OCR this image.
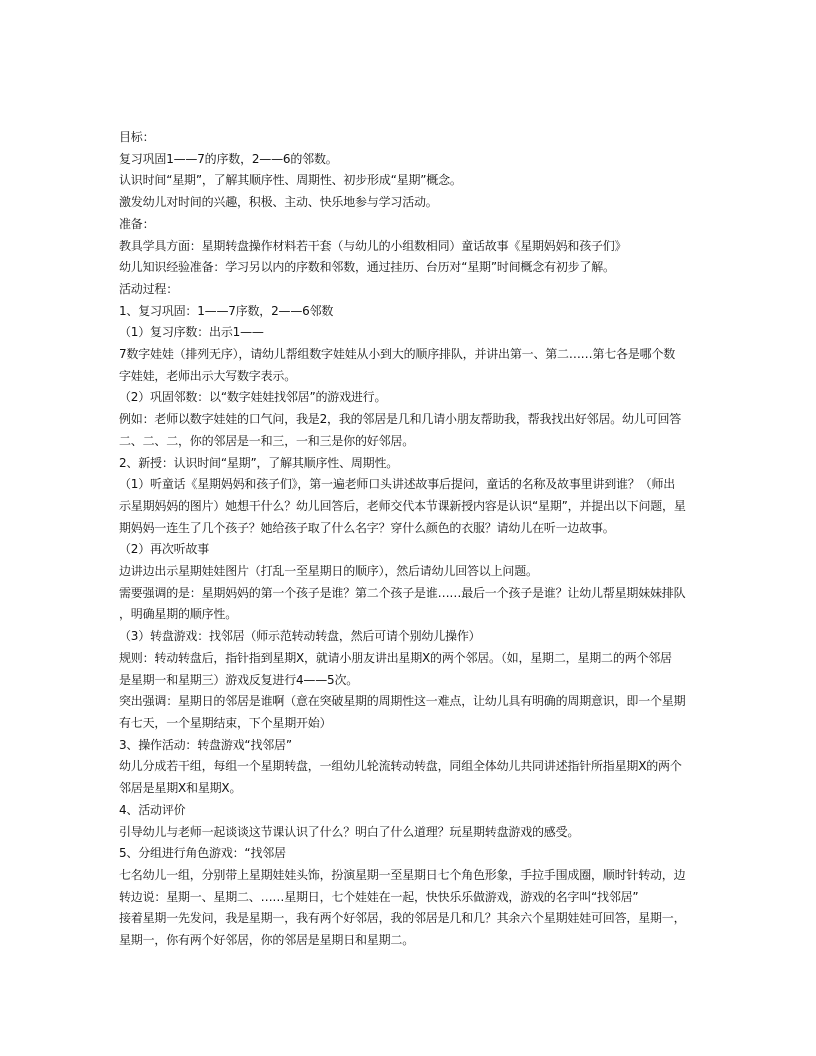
目标：
复习巩固1——7的序数，2——6的邻数。
认识时间“星期”，了解其顺序性、周期性、初步形成“星期”概念。
激发幼儿对时间的兴趣，积极、主动、快乐地参与学习活动。
准备：
教具学具方面：星期转盘操作材料若干套（与幼儿的小组数相同）童话故事《星期妈妈和孩子们》
幼儿知识经验准备：学习另以内的序数和邻数，通过挂历、台历对“星期”时间概念有初步了解。
活动过程：
1、复习巩固：1——7序数，2——6邻数
（1）复习序数：出示1——
7数字娃娃（排列无序），请幼儿帮组数字娃娃从小到大的顺序排队，并讲出第一、第二……第七各是哪个数
字娃娃，老师出示大写数字表示。
（2）巩固邻数：以“数字娃娃找邻居”的游戏进行。
例如：老师以数字娃娃的口气问，我是2，我的邻居是几和几请小朋友帮助我，帮我找出好邻居。幼儿可回答
二、二、二，你的邻居是一和三，一和三是你的好邻居。
2、新授：认识时间“星期”，了解其顺序性、周期性。
（1）听童话《星期妈妈和孩子们》，第一遍老师口头讲述故事后提问，童话的名称及故事里讲到谁？（师出
示星期妈妈的图片）她想干什么？幼儿回答后，老师交代本节课新授内容是认识“星期”，并提出以下问题，星
期妈妈一连生了几个孩子？她给孩子取了什么名字？穿什么颜色的衣服？请幼儿在听一边故事。
（2）再次听故事
边讲边出示星期娃娃图片（打乱一至星期日的顺序），然后请幼儿回答以上问题。
需要强调的是：星期妈妈的第一个孩子是谁？第二个孩子是谁……最后一个孩子是谁？让幼儿帮星期妹妹排队
，明确星期的顺序性。
（3）转盘游戏：找邻居（师示范转动转盘，然后可请个别幼儿操作）
规则：转动转盘后，指针指到星期X，就请小朋友讲出星期X的两个邻居。（如，星期二，星期二的两个邻居
是星期一和星期三）游戏反复进行4——5次。
突出强调：星期日的邻居是谁啊（意在突破星期的周期性这一难点，让幼儿具有明确的周期意识，即一个星期
有七天，一个星期结束，下个星期开始）
3、操作活动：转盘游戏“找邻居”
幼儿分成若干组，每组一个星期转盘，一组幼儿轮流转动转盘，同组全体幼儿共同讲述指针所指星期X的两个
邻居是星期X和星期X。
4、活动评价
引导幼儿与老师一起谈谈这节课认识了什么？明白了什么道理？玩星期转盘游戏的感受。
5、分组进行角色游戏：“找邻居
七名幼儿一组，分别带上星期娃娃头饰，扮演星期一至星期日七个角色形象，手拉手围成圈，顺时针转动，边
转边说：星期一、星期二、……星期日，七个娃娃在一起，快快乐乐做游戏，游戏的名字叫“找邻居”
接着星期一先发问，我是星期一，我有两个好邻居，我的邻居是几和几？其余六个星期娃娃可回答，星期一，
星期一，你有两个好邻居，你的邻居是星期日和星期二。
